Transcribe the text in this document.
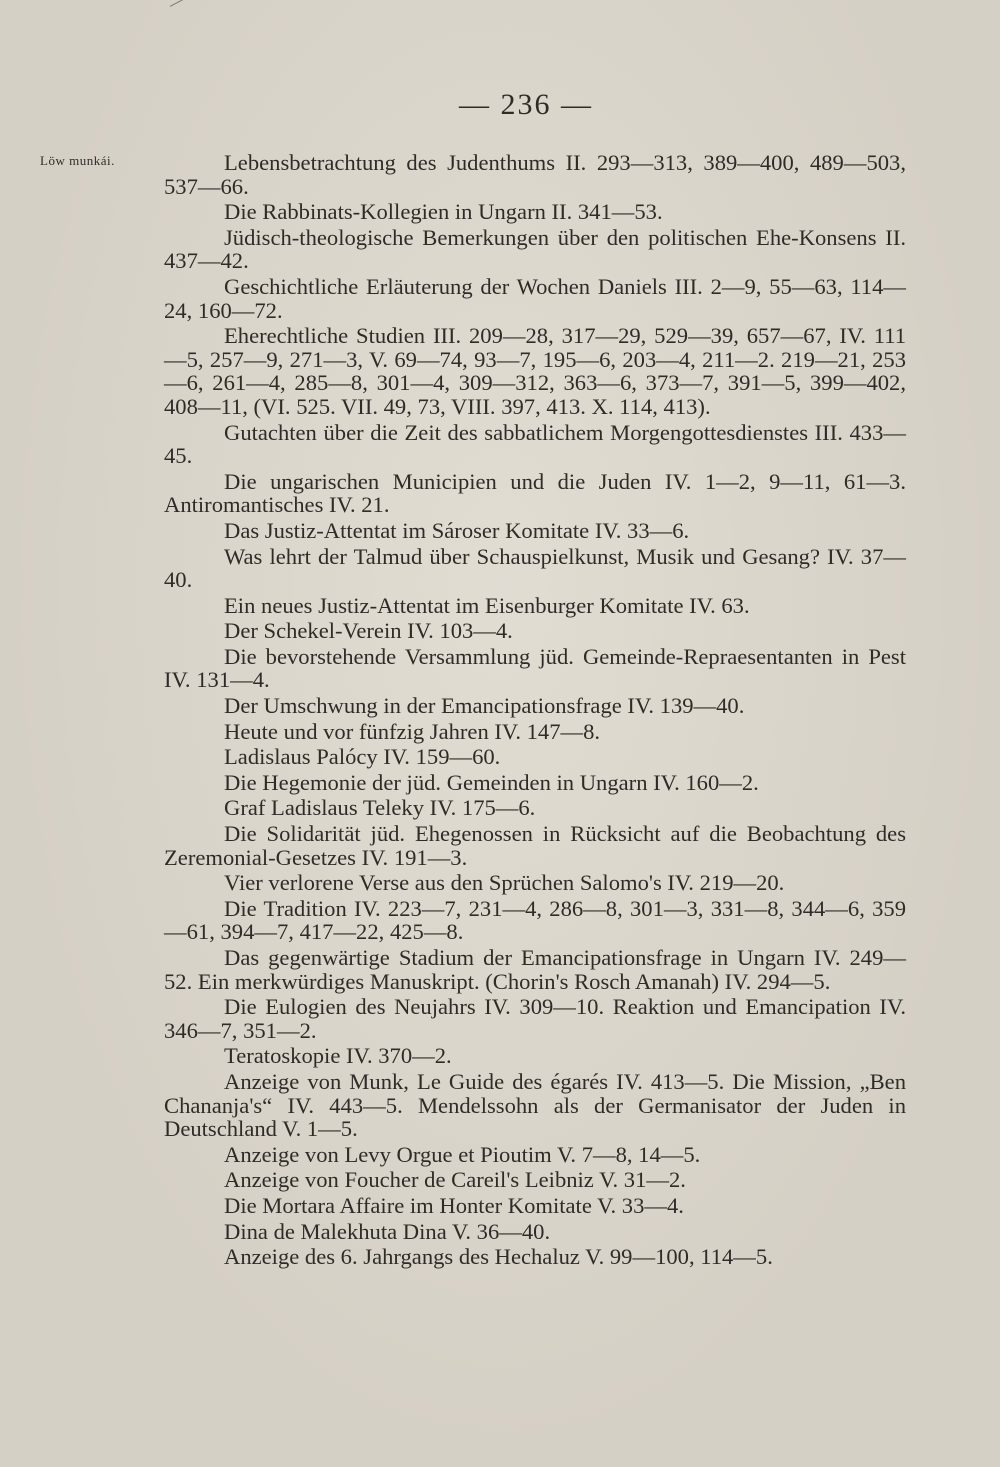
— 236 —
Löw munkái.	Lebensbetrachtung des Judenthums II. 293—313, 389—400, 489—503, 537—66.

Die Rabbinats-Kollegien in Ungarn II. 341—53.

Jüdisch-theologische Bemerkungen über den politischen Ehe-Konsens II. 437—42.

Geschichtliche Erläuterung der Wochen Daniels III. 2—9, 55—63, 114—24, 160—72.

Eherechtliche Studien III. 209—28, 317—29, 529—39, 657—67, IV. 111—5, 257—9, 271—3, V. 69—74, 93—7, 195—6, 203—4, 211—2. 219—21, 253—6, 261—4, 285—8, 301—4, 309—312, 363—6, 373—7, 391—5, 399—402, 408—11, (VI. 525. VII. 49, 73, VIII. 397, 413. X. 114, 413).

Gutachten über die Zeit des sabbatlichem Morgengottesdienstes III. 433—45.

Die ungarischen Municipien und die Juden IV. 1—2, 9—11, 61—3. Antiromantisches IV. 21.

Das Justiz-Attentat im Sároser Komitate IV. 33—6.

Was lehrt der Talmud über Schauspielkunst, Musik und Gesang? IV. 37—40.

Ein neues Justiz-Attentat im Eisenburger Komitate IV. 63.

Der Schekel-Verein IV. 103—4.

Die bevorstehende Versammlung jüd. Gemeinde-Repraesentanten in Pest IV. 131—4.

Der Umschwung in der Emancipationsfrage IV. 139—40.

Heute und vor fünfzig Jahren IV. 147—8.

Ladislaus Palócy IV. 159—60.

Die Hegemonie der jüd. Gemeinden in Ungarn IV. 160—2.

Graf Ladislaus Teleky IV. 175—6.

Die Solidarität jüd. Ehegenossen in Rücksicht auf die Beobachtung des Zeremonial-Gesetzes IV. 191—3.

Vier verlorene Verse aus den Sprüchen Salomo's IV. 219—20.

Die Tradition IV. 223—7, 231—4, 286—8, 301—3, 331—8, 344—6, 359—61, 394—7, 417—22, 425—8.

Das gegenwärtige Stadium der Emancipationsfrage in Ungarn IV. 249—52. Ein merkwürdiges Manuskript. (Chorin's Rosch Amanah) IV. 294—5.

Die Eulogien des Neujahrs IV. 309—10. Reaktion und Emancipation IV. 346—7, 351—2.

Teratoskopie IV. 370—2.

Anzeige von Munk, Le Guide des égarés IV. 413—5. Die Mission, „Ben Chananja's“ IV. 443—5. Mendelssohn als der Germanisator der Juden in Deutschland V. 1—5.

Anzeige von Levy Orgue et Pioutim V. 7—8, 14—5.

Anzeige von Foucher de Careil's Leibniz V. 31—2.

Die Mortara Affaire im Honter Komitate V. 33—4.

Dina de Malekhuta Dina V. 36—40.

Anzeige des 6. Jahrgangs des Hechaluz V. 99—100, 114—5.
